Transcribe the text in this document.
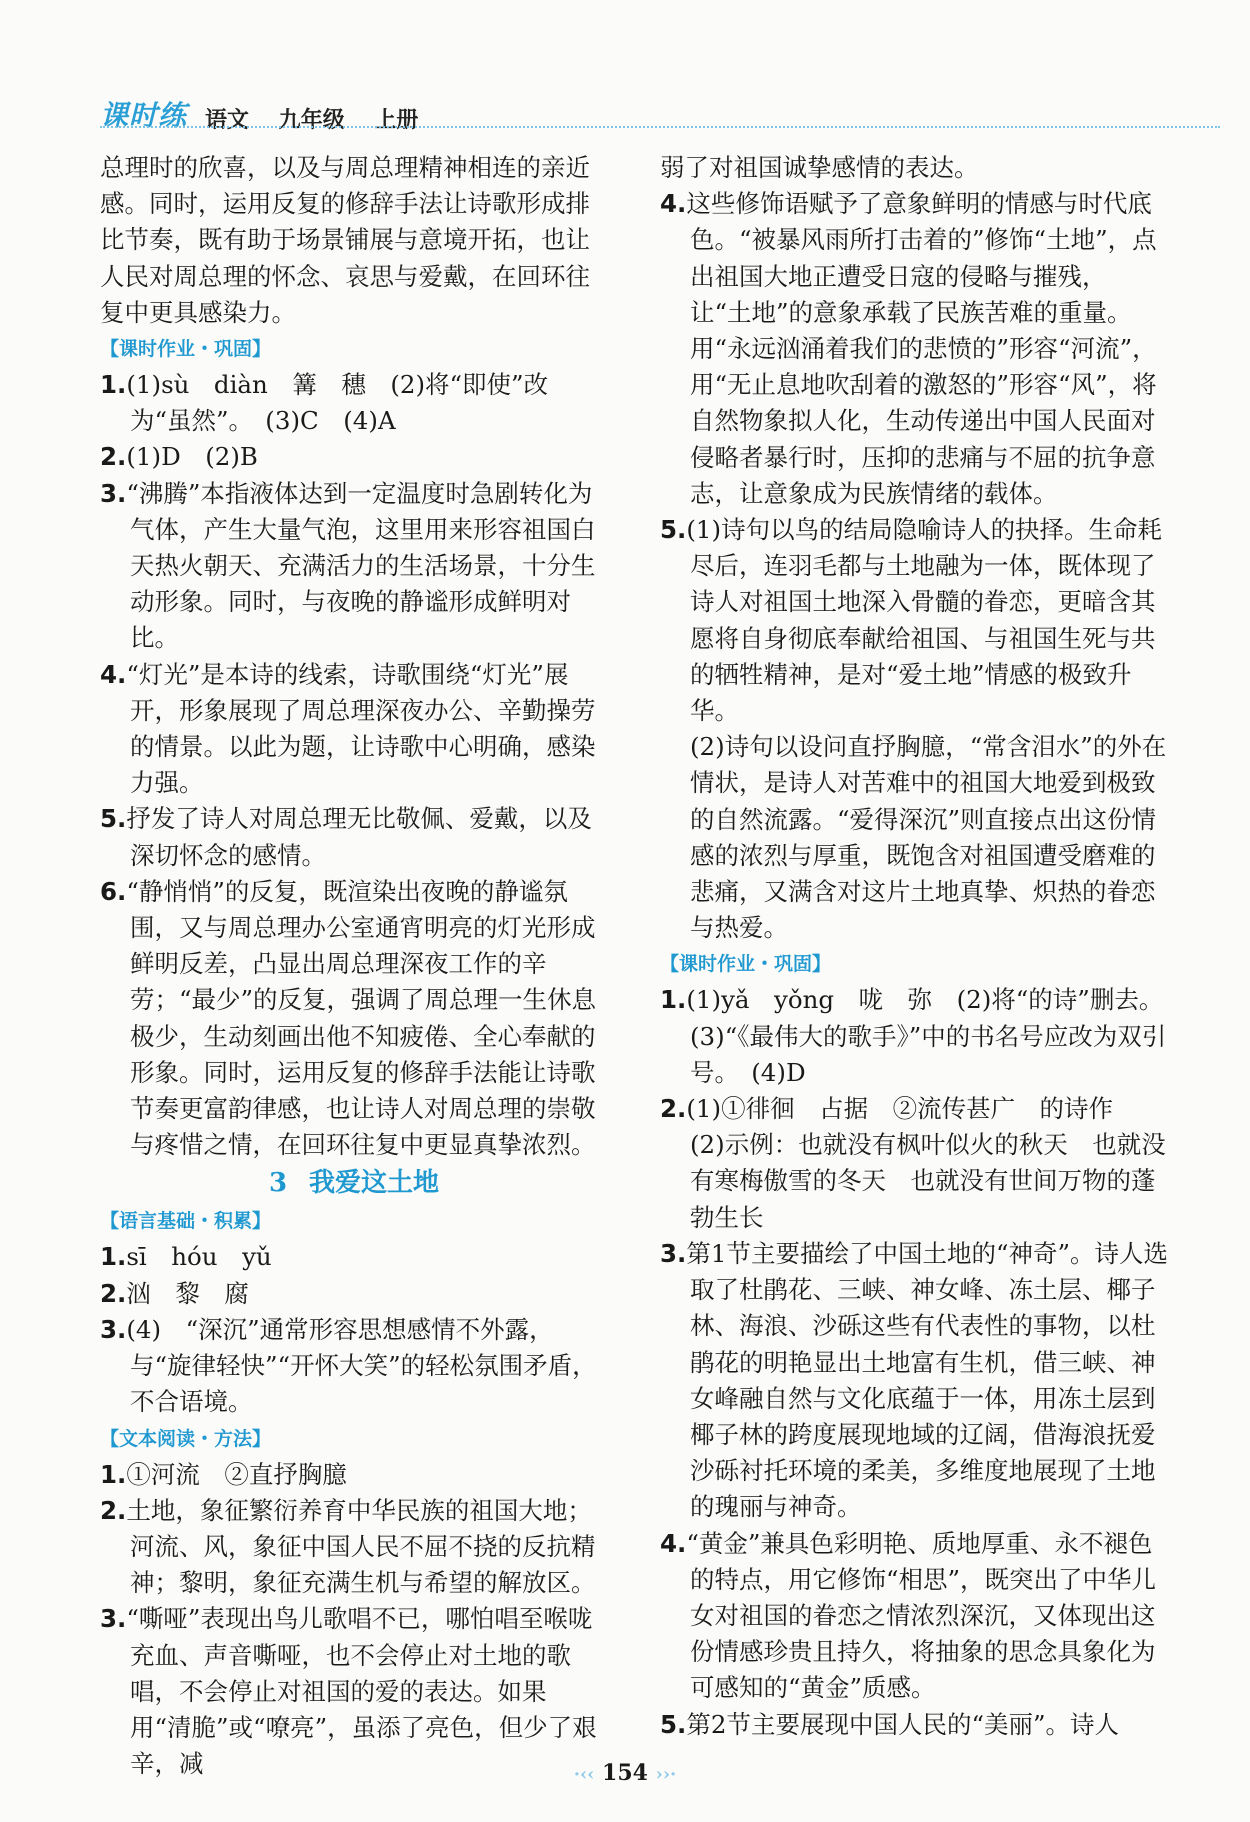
课时练 语文 九年级 上册

总理时的欣喜，以及与周总理精神相连的亲近感。同时，运用反复的修辞手法让诗歌形成排比节奏，既有助于场景铺展与意境开拓，也让人民对周总理的怀念、哀思与爱戴，在回环往复中更具感染力。

【课时作业・巩固】

1.(1)sù　diàn　篝　穗　(2)将“即使”改为“虽然”。　(3)C　(4)A

2.(1)D　(2)B

3.“沸腾”本指液体达到一定温度时急剧转化为气体，产生大量气泡，这里用来形容祖国白天热火朝天、充满活力的生活场景，十分生动形象。同时，与夜晚的静谧形成鲜明对比。

4.“灯光”是本诗的线索，诗歌围绕“灯光”展开，形象展现了周总理深夜办公、辛勤操劳的情景。以此为题，让诗歌中心明确，感染力强。

5.抒发了诗人对周总理无比敬佩、爱戴，以及深切怀念的感情。

6.“静悄悄”的反复，既渲染出夜晚的静谧氛围，又与周总理办公室通宵明亮的灯光形成鲜明反差，凸显出周总理深夜工作的辛劳；“最少”的反复，强调了周总理一生休息极少，生动刻画出他不知疲倦、全心奉献的形象。同时，运用反复的修辞手法能让诗歌节奏更富韵律感，也让诗人对周总理的崇敬与疼惜之情，在回环往复中更显真挚浓烈。

3 我爱这土地

【语言基础・积累】

1.sī　hóu　yǔ

2.汹　黎　腐

3.(4)　“深沉”通常形容思想感情不外露，与“旋律轻快”“开怀大笑”的轻松氛围矛盾，不合语境。

【文本阅读・方法】

1.①河流　②直抒胸臆

2.土地，象征繁衍养育中华民族的祖国大地；河流、风，象征中国人民不屈不挠的反抗精神；黎明，象征充满生机与希望的解放区。

3.“嘶哑”表现出鸟儿歌唱不已，哪怕唱至喉咙充血、声音嘶哑，也不会停止对土地的歌唱，不会停止对祖国的爱的表达。如果用“清脆”或“嘹亮”，虽添了亮色，但少了艰辛，减

弱了对祖国诚挚感情的表达。

4.这些修饰语赋予了意象鲜明的情感与时代底色。“被暴风雨所打击着的”修饰“土地”，点出祖国大地正遭受日寇的侵略与摧残，让“土地”的意象承载了民族苦难的重量。用“永远汹涌着我们的悲愤的”形容“河流”，用“无止息地吹刮着的激怒的”形容“风”，将自然物象拟人化，生动传递出中国人民面对侵略者暴行时，压抑的悲痛与不屈的抗争意志，让意象成为民族情绪的载体。

5.(1)诗句以鸟的结局隐喻诗人的抉择。生命耗尽后，连羽毛都与土地融为一体，既体现了诗人对祖国土地深入骨髓的眷恋，更暗含其愿将自身彻底奉献给祖国、与祖国生死与共的牺牲精神，是对“爱土地”情感的极致升华。

(2)诗句以设问直抒胸臆，“常含泪水”的外在情状，是诗人对苦难中的祖国大地爱到极致的自然流露。“爱得深沉”则直接点出这份情感的浓烈与厚重，既饱含对祖国遭受磨难的悲痛，又满含对这片土地真挚、炽热的眷恋与热爱。

【课时作业・巩固】

1.(1)yǎ　yǒng　咙　弥　(2)将“的诗”删去。

(3)“《最伟大的歌手》”中的书名号应改为双引号。　(4)D

2.(1)①徘徊　占据　②流传甚广　的诗作

(2)示例：也就没有枫叶似火的秋天　也就没有寒梅傲雪的冬天　也就没有世间万物的蓬勃生长

3.第1节主要描绘了中国土地的“神奇”。诗人选取了杜鹃花、三峡、神女峰、冻土层、椰子林、海浪、沙砾这些有代表性的事物，以杜鹃花的明艳显出土地富有生机，借三峡、神女峰融自然与文化底蕴于一体，用冻土层到椰子林的跨度展现地域的辽阔，借海浪抚爱沙砾衬托环境的柔美，多维度地展现了土地的瑰丽与神奇。

4.“黄金”兼具色彩明艳、质地厚重、永不褪色的特点，用它修饰“相思”，既突出了中华儿女对祖国的眷恋之情浓烈深沉，又体现出这份情感珍贵且持久，将抽象的思念具象化为可感知的“黄金”质感。

5.第2节主要展现中国人民的“美丽”。诗人

·‹‹ 154 ››·
